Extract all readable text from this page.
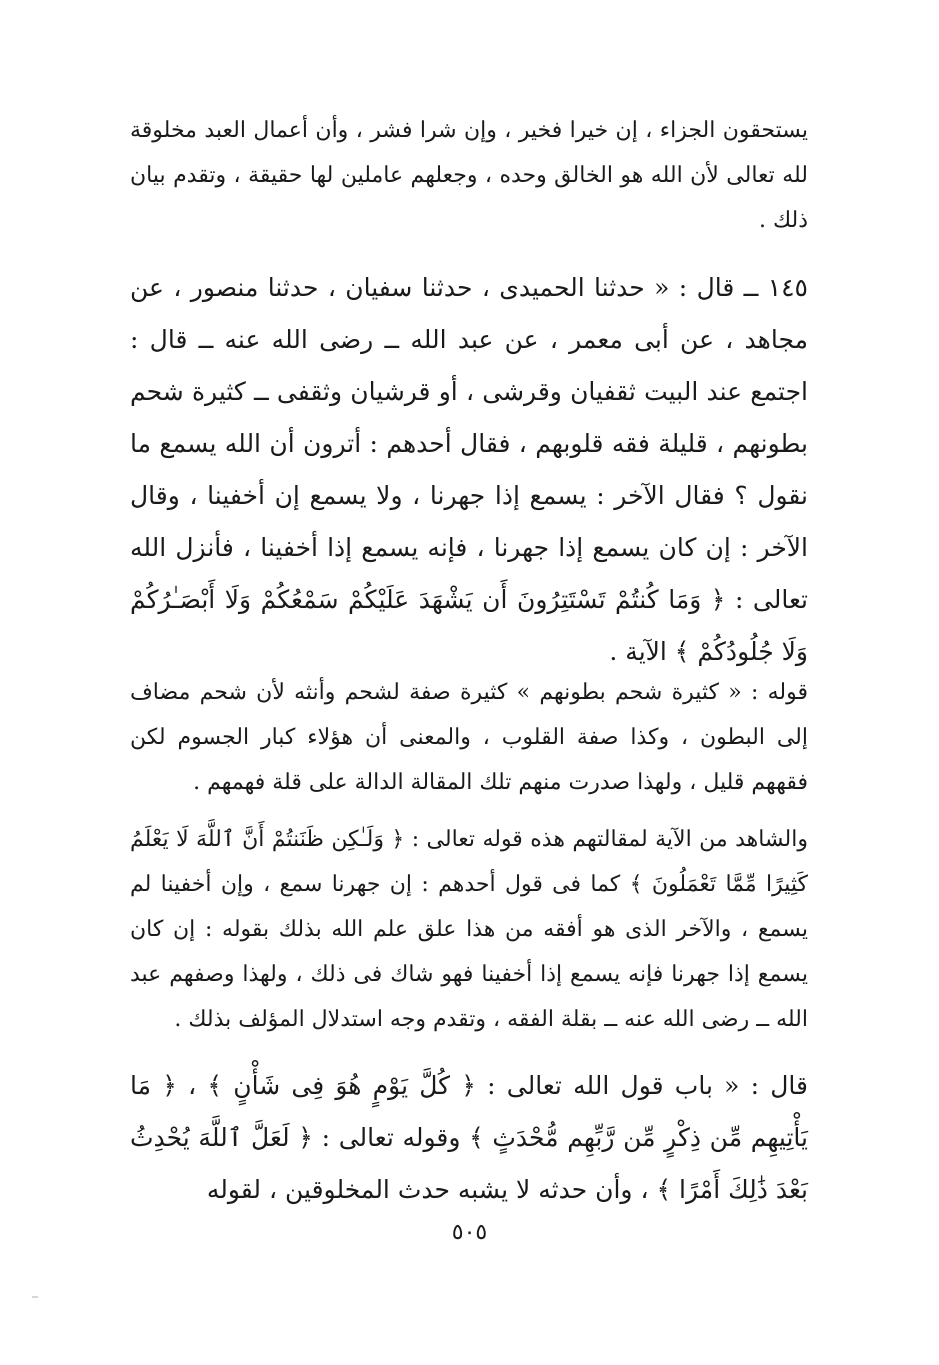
يستحقون الجزاء ، إن خيرا فخير ، وإن شرا فشر ، وأن أعمال العبد مخلوقة لله تعالى لأن الله هو الخالق وحده ، وجعلهم عاملين لها حقيقة ، وتقدم بيان ذلك .

١٤٥ ــ قال : « حدثنا الحميدى ، حدثنا سفيان ، حدثنا منصور ، عن مجاهد ، عن أبى معمر ، عن عبد الله ــ رضى الله عنه ــ قال : اجتمع عند البيت ثقفيان وقرشى ، أو قرشيان وثقفى ــ كثيرة شحم بطونهم ، قليلة فقه قلوبهم ، فقال أحدهم : أترون أن الله يسمع ما نقول ؟ فقال الآخر : يسمع إذا جهرنا ، ولا يسمع إن أخفينا ، وقال الآخر : إن كان يسمع إذا جهرنا ، فإنه يسمع إذا أخفينا ، فأنزل الله تعالى : ﴿ وَمَا كُنتُمْ تَسْتَتِرُونَ أَن يَشْهَدَ عَلَيْكُمْ سَمْعُكُمْ وَلَا أَبْصَـٰرُكُمْ وَلَا جُلُودُكُمْ ﴾ الآية .

قوله : « كثيرة شحم بطونهم » كثيرة صفة لشحم وأنثه لأن شحم مضاف إلى البطون ، وكذا صفة القلوب ، والمعنى أن هؤلاء كبار الجسوم لكن فقههم قليل ، ولهذا صدرت منهم تلك المقالة الدالة على قلة فهمهم .

والشاهد من الآية لمقالتهم هذه قوله تعالى : ﴿ وَلَـٰكِن ظَنَنتُمْ أَنَّ ٱللَّهَ لَا يَعْلَمُ كَثِيرًا مِّمَّا تَعْمَلُونَ ﴾ كما فى قول أحدهم : إن جهرنا سمع ، وإن أخفينا لم يسمع ، والآخر الذى هو أفقه من هذا علق علم الله بذلك بقوله : إن كان يسمع إذا جهرنا فإنه يسمع إذا أخفينا فهو شاك فى ذلك ، ولهذا وصفهم عبد الله ــ رضى الله عنه ــ بقلة الفقه ، وتقدم وجه استدلال المؤلف بذلك .

قال : « باب قول الله تعالى : ﴿ كُلَّ يَوْمٍ هُوَ فِى شَأْنٍ ﴾ ، ﴿ مَا يَأْتِيهِم مِّن ذِكْرٍ مِّن رَّبِّهِم مُّحْدَثٍ ﴾ وقوله تعالى : ﴿ لَعَلَّ ٱللَّهَ يُحْدِثُ بَعْدَ ذَٰلِكَ أَمْرًا ﴾ ، وأن حدثه لا يشبه حدث المخلوقين ، لقوله

٥٠٥
